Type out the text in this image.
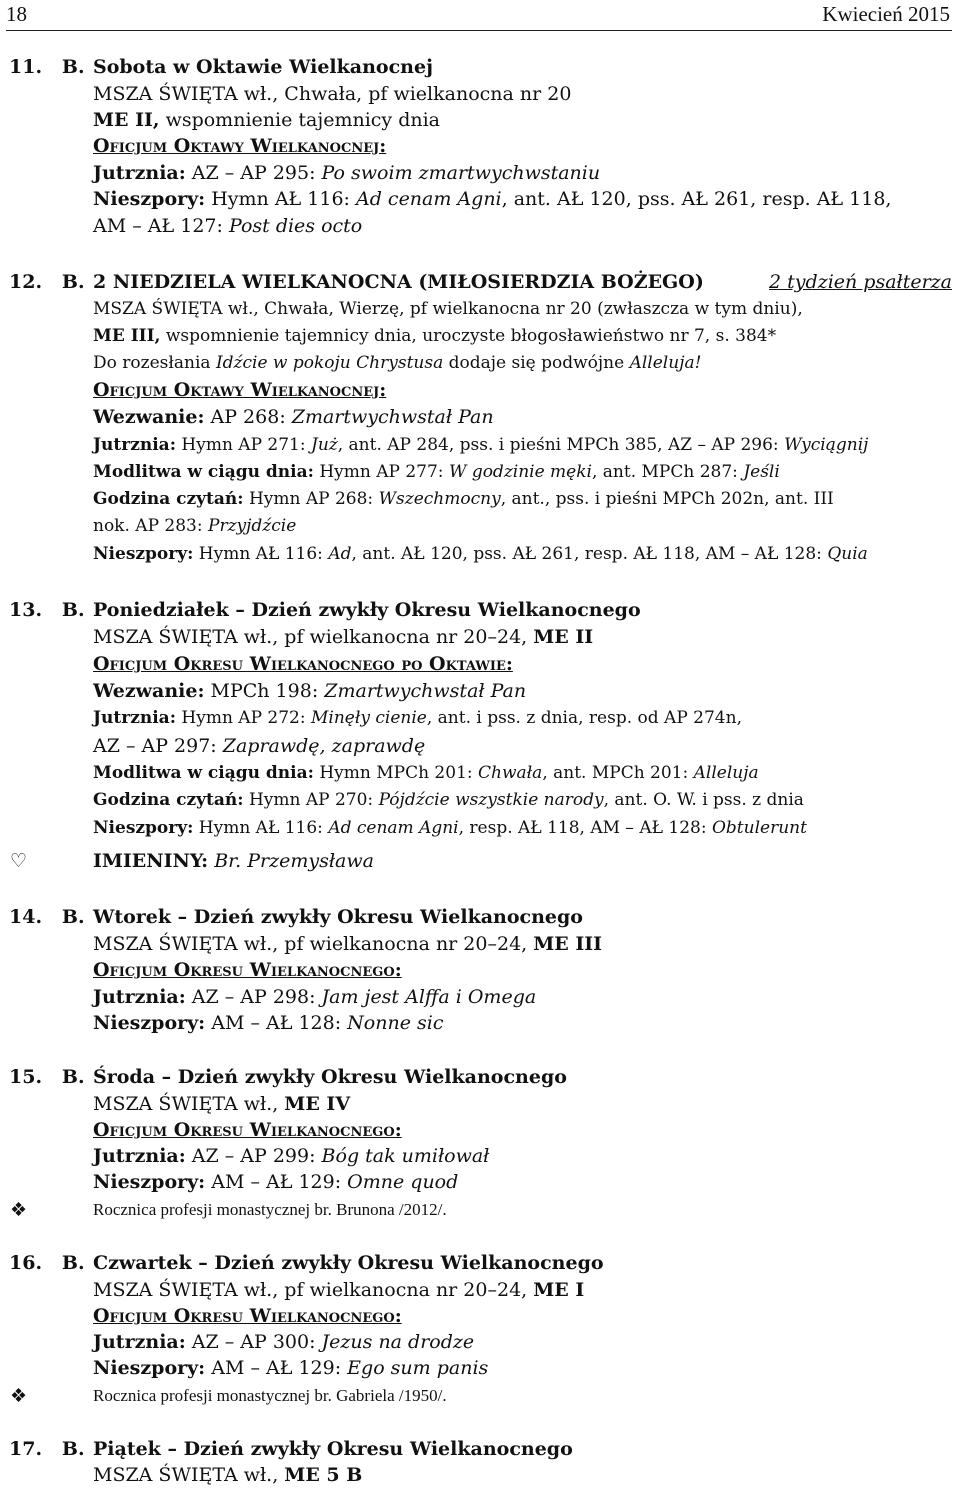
18	Kwiecień 2015
11. B. Sobota w Oktawie Wielkanocnej
MSZA ŚWIĘTA wł., Chwała, pf wielkanocna nr 20
ME II, wspomnienie tajemnicy dnia
Oficjum Oktawy Wielkanocnej:
Jutrznia: AZ – AP 295: Po swoim zmartwychwstaniu
Nieszpory: Hymn AŁ 116: Ad cenam Agni, ant. AŁ 120, pss. AŁ 261, resp. AŁ 118,
AM – AŁ 127: Post dies octo
12. B. 2 NIEDZIELA WIELKANOCNA (MIŁOSIERDZIA BOŻEGO)	2 tydzień psałterza
MSZA ŚWIĘTA wł., Chwała, Wierzę, pf wielkanocna nr 20 (zwłaszcza w tym dniu),
ME III, wspomnienie tajemnicy dnia, uroczyste błogosławieństwo nr 7, s. 384*
Do rozesłania Idźcie w pokoju Chrystusa dodaje się podwójne Alleluja!
Oficjum Oktawy Wielkanocnej:
Wezwanie: AP 268: Zmartwychwstał Pan
Jutrznia: Hymn AP 271: Już, ant. AP 284, pss. i pieśni MPCh 385, AZ – AP 296: Wyciągnij
Modlitwa w ciągu dnia: Hymn AP 277: W godzinie męki, ant. MPCh 287: Jeśli
Godzina czytań: Hymn AP 268: Wszechmocny, ant., pss. i pieśni MPCh 202n, ant. III
nok. AP 283: Przyjdźcie
Nieszpory: Hymn AŁ 116: Ad, ant. AŁ 120, pss. AŁ 261, resp. AŁ 118, AM – AŁ 128: Quia
13. B. Poniedziałek – Dzień zwykły Okresu Wielkanocnego
MSZA ŚWIĘTA wł., pf wielkanocna nr 20–24, ME II
Oficjum Okresu Wielkanocnego po Oktawie:
Wezwanie: MPCh 198: Zmartwychwstał Pan
Jutrznia: Hymn AP 272: Minęły cienie, ant. i pss. z dnia, resp. od AP 274n,
AZ – AP 297: Zaprawdę, zaprawdę
Modlitwa w ciągu dnia: Hymn MPCh 201: Chwała, ant. MPCh 201: Alleluja
Godzina czytań: Hymn AP 270: Pójdźcie wszystkie narody, ant. O. W. i pss. z dnia
Nieszpory: Hymn AŁ 116: Ad cenam Agni, resp. AŁ 118, AM – AŁ 128: Obtulerunt
♡	IMIENINY: Br. Przemysława
14. B. Wtorek – Dzień zwykły Okresu Wielkanocnego
MSZA ŚWIĘTA wł., pf wielkanocna nr 20–24, ME III
Oficjum Okresu Wielkanocnego:
Jutrznia: AZ – AP 298: Jam jest Alffa i Omega
Nieszpory: AM – AŁ 128: Nonne sic
15. B. Środa – Dzień zwykły Okresu Wielkanocnego
MSZA ŚWIĘTA wł., ME IV
Oficjum Okresu Wielkanocnego:
Jutrznia: AZ – AP 299: Bóg tak umiłował
Nieszpory: AM – AŁ 129: Omne quod
❖	Rocznica profesji monastycznej br. Brunona /2012/.
16. B. Czwartek – Dzień zwykły Okresu Wielkanocnego
MSZA ŚWIĘTA wł., pf wielkanocna nr 20–24, ME I
Oficjum Okresu Wielkanocnego:
Jutrznia: AZ – AP 300: Jezus na drodze
Nieszpory: AM – AŁ 129: Ego sum panis
❖	Rocznica profesji monastycznej br. Gabriela /1950/.
17. B. Piątek – Dzień zwykły Okresu Wielkanocnego
MSZA ŚWIĘTA wł., ME 5 B
